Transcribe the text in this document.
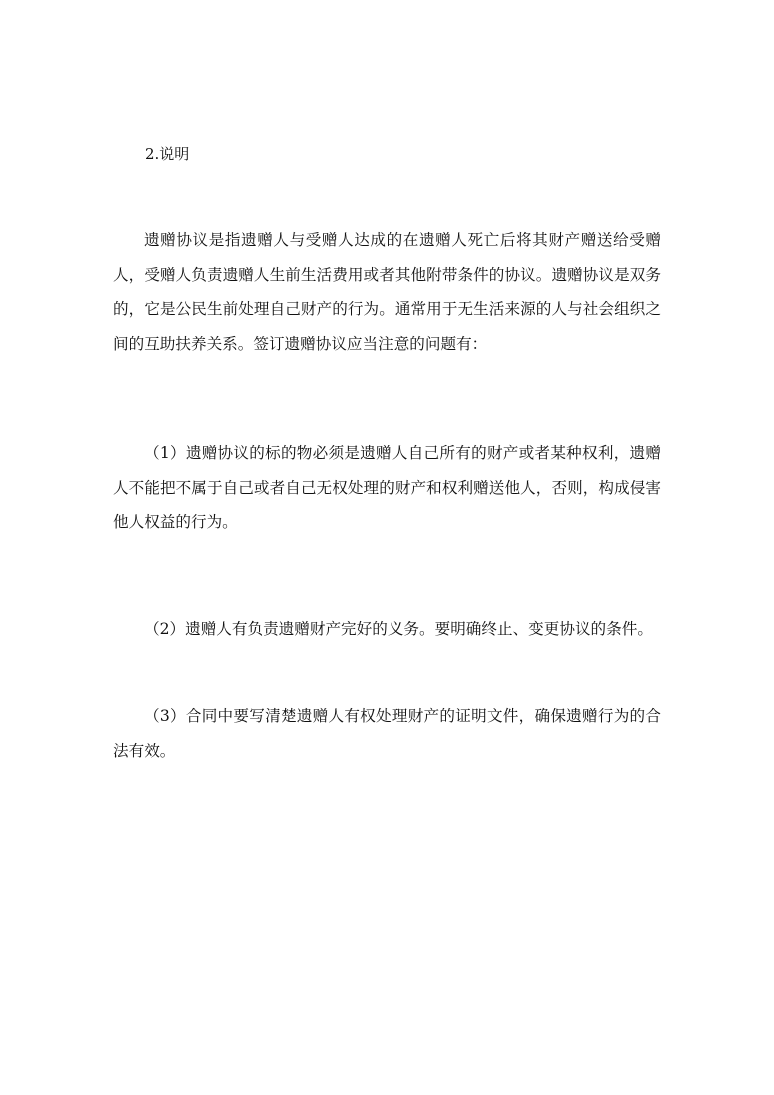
2.说明

遗赠协议是指遗赠人与受赠人达成的在遗赠人死亡后将其财产赠送给受赠人，受赠人负责遗赠人生前生活费用或者其他附带条件的协议。遗赠协议是双务的，它是公民生前处理自己财产的行为。通常用于无生活来源的人与社会组织之间的互助扶养关系。签订遗赠协议应当注意的问题有：

（1）遗赠协议的标的物必须是遗赠人自己所有的财产或者某种权利，遗赠人不能把不属于自己或者自己无权处理的财产和权利赠送他人，否则，构成侵害他人权益的行为。

（2）遗赠人有负责遗赠财产完好的义务。要明确终止、变更协议的条件。

（3）合同中要写清楚遗赠人有权处理财产的证明文件，确保遗赠行为的合法有效。
